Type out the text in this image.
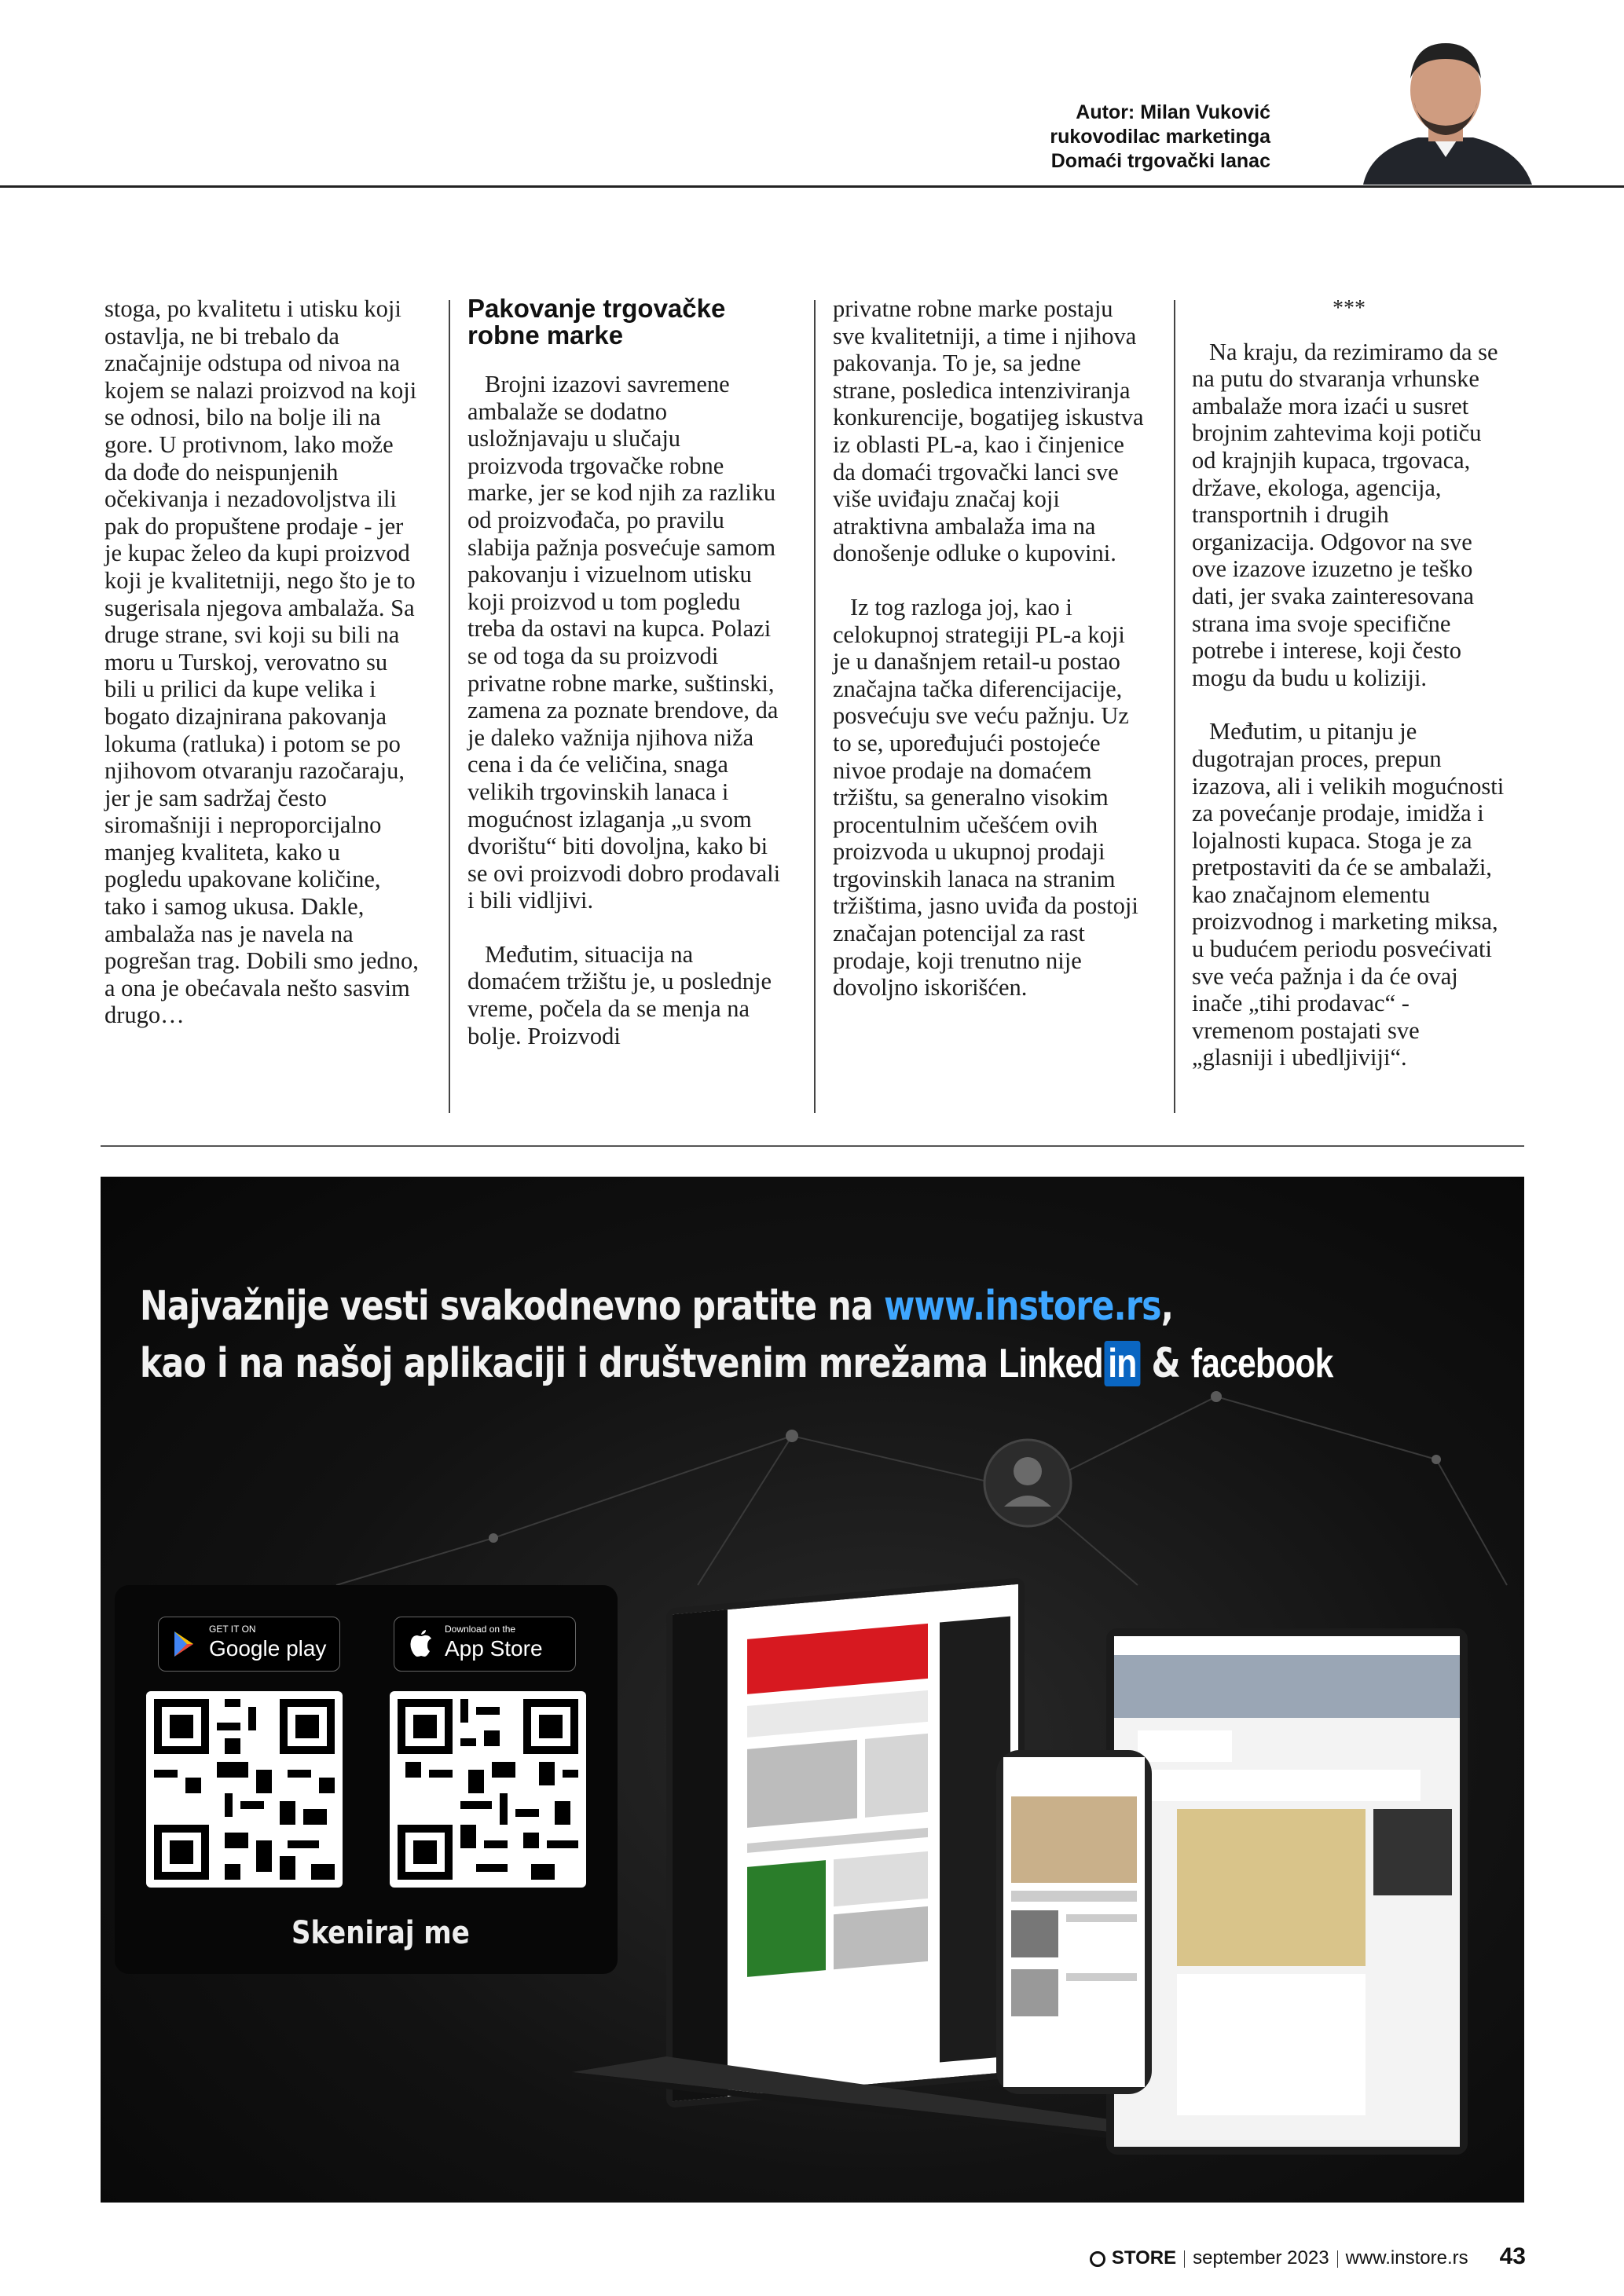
Autor: Milan Vuković
rukovodilac marketinga
Domaći trgovački lanac

stoga, po kvalitetu i utisku koji ostavlja, ne bi trebalo da značajnije odstupa od nivoa na kojem se nalazi proizvod na koji se odnosi, bilo na bolje ili na gore. U protivnom, lako može da dođe do neispunjenih očekivanja i nezadovoljstva ili pak do propuštene prodaje - jer je kupac želeo da kupi proizvod koji je kvalitetniji, nego što je to sugerisala njegova ambalaža. Sa druge strane, svi koji su bili na moru u Turskoj, verovatno su bili u prilici da kupe velika i bogato dizajnirana pakovanja lokuma (ratluka) i potom se po njihovom otvaranju razočaraju, jer je sam sadržaj često siromašniji i neproporcijalno manjeg kvaliteta, kako u pogledu upakovane količine, tako i samog ukusa. Dakle, ambalaža nas je navela na pogrešan trag. Dobili smo jedno, a ona je obećavala nešto sasvim drugo…

Pakovanje trgovačke robne marke

Brojni izazovi savremene ambalaže se dodatno usložnjavaju u slučaju proizvoda trgovačke robne marke, jer se kod njih za razliku od proizvođača, po pravilu slabija pažnja posvećuje samom pakovanju i vizuelnom utisku koji proizvod u tom pogledu treba da ostavi na kupca. Polazi se od toga da su proizvodi privatne robne marke, suštinski, zamena za poznate brendove, da je daleko važnija njihova niža cena i da će veličina, snaga velikih trgovinskih lanaca i mogućnost izlaganja „u svom dvorištu“ biti dovoljna, kako bi se ovi proizvodi dobro prodavali i bili vidljivi.

Međutim, situacija na domaćem tržištu je, u poslednje vreme, počela da se menja na bolje. Proizvodi

privatne robne marke postaju sve kvalitetniji, a time i njihova pakovanja. To je, sa jedne strane, posledica intenziviranja konkurencije, bogatijeg iskustva iz oblasti PL-a, kao i činjenice da domaći trgovački lanci sve više uviđaju značaj koji atraktivna ambalaža ima na donošenje odluke o kupovini.

Iz tog razloga joj, kao i celokupnoj strategiji PL-a koji je u današnjem retail-u postao značajna tačka diferencijacije, posvećuju sve veću pažnju. Uz to se, upoređujući postojeće nivoe prodaje na domaćem tržištu, sa generalno visokim procentulnim učešćem ovih proizvoda u ukupnoj prodaji trgovinskih lanaca na stranim tržištima, jasno uviđa da postoji značajan potencijal za rast prodaje, koji trenutno nije dovoljno iskorišćen.

***

Na kraju, da rezimiramo da se na putu do stvaranja vrhunske ambalaže mora izaći u susret brojnim zahtevima koji potiču od krajnjih kupaca, trgovaca, države, ekologa, agencija, transportnih i drugih organizacija. Odgovor na sve ove izazove izuzetno je teško dati, jer svaka zainteresovana strana ima svoje specifične potrebe i interese, koji često mogu da budu u koliziji.

Međutim, u pitanju je dugotrajan proces, prepun izazova, ali i velikih mogućnosti za povećanje prodaje, imidža i lojalnosti kupaca. Stoga je za pretpostaviti da će se ambalaži, kao značajnom elementu proizvodnog i marketing miksa, u budućem periodu posvećivati sve veća pažnja i da će ovaj inače „tihi prodavac“ - vremenom postajati sve „glasniji i ubedljiviji“.

Najvažnije vesti svakodnevno pratite na www.instore.rs,
kao i na našoj aplikaciji i društvenim mrežama Linked in & facebook
GET IT ON
Google play
Download on the
App Store
Skeniraj me
STORE september 2023 www.instore.rs 43
